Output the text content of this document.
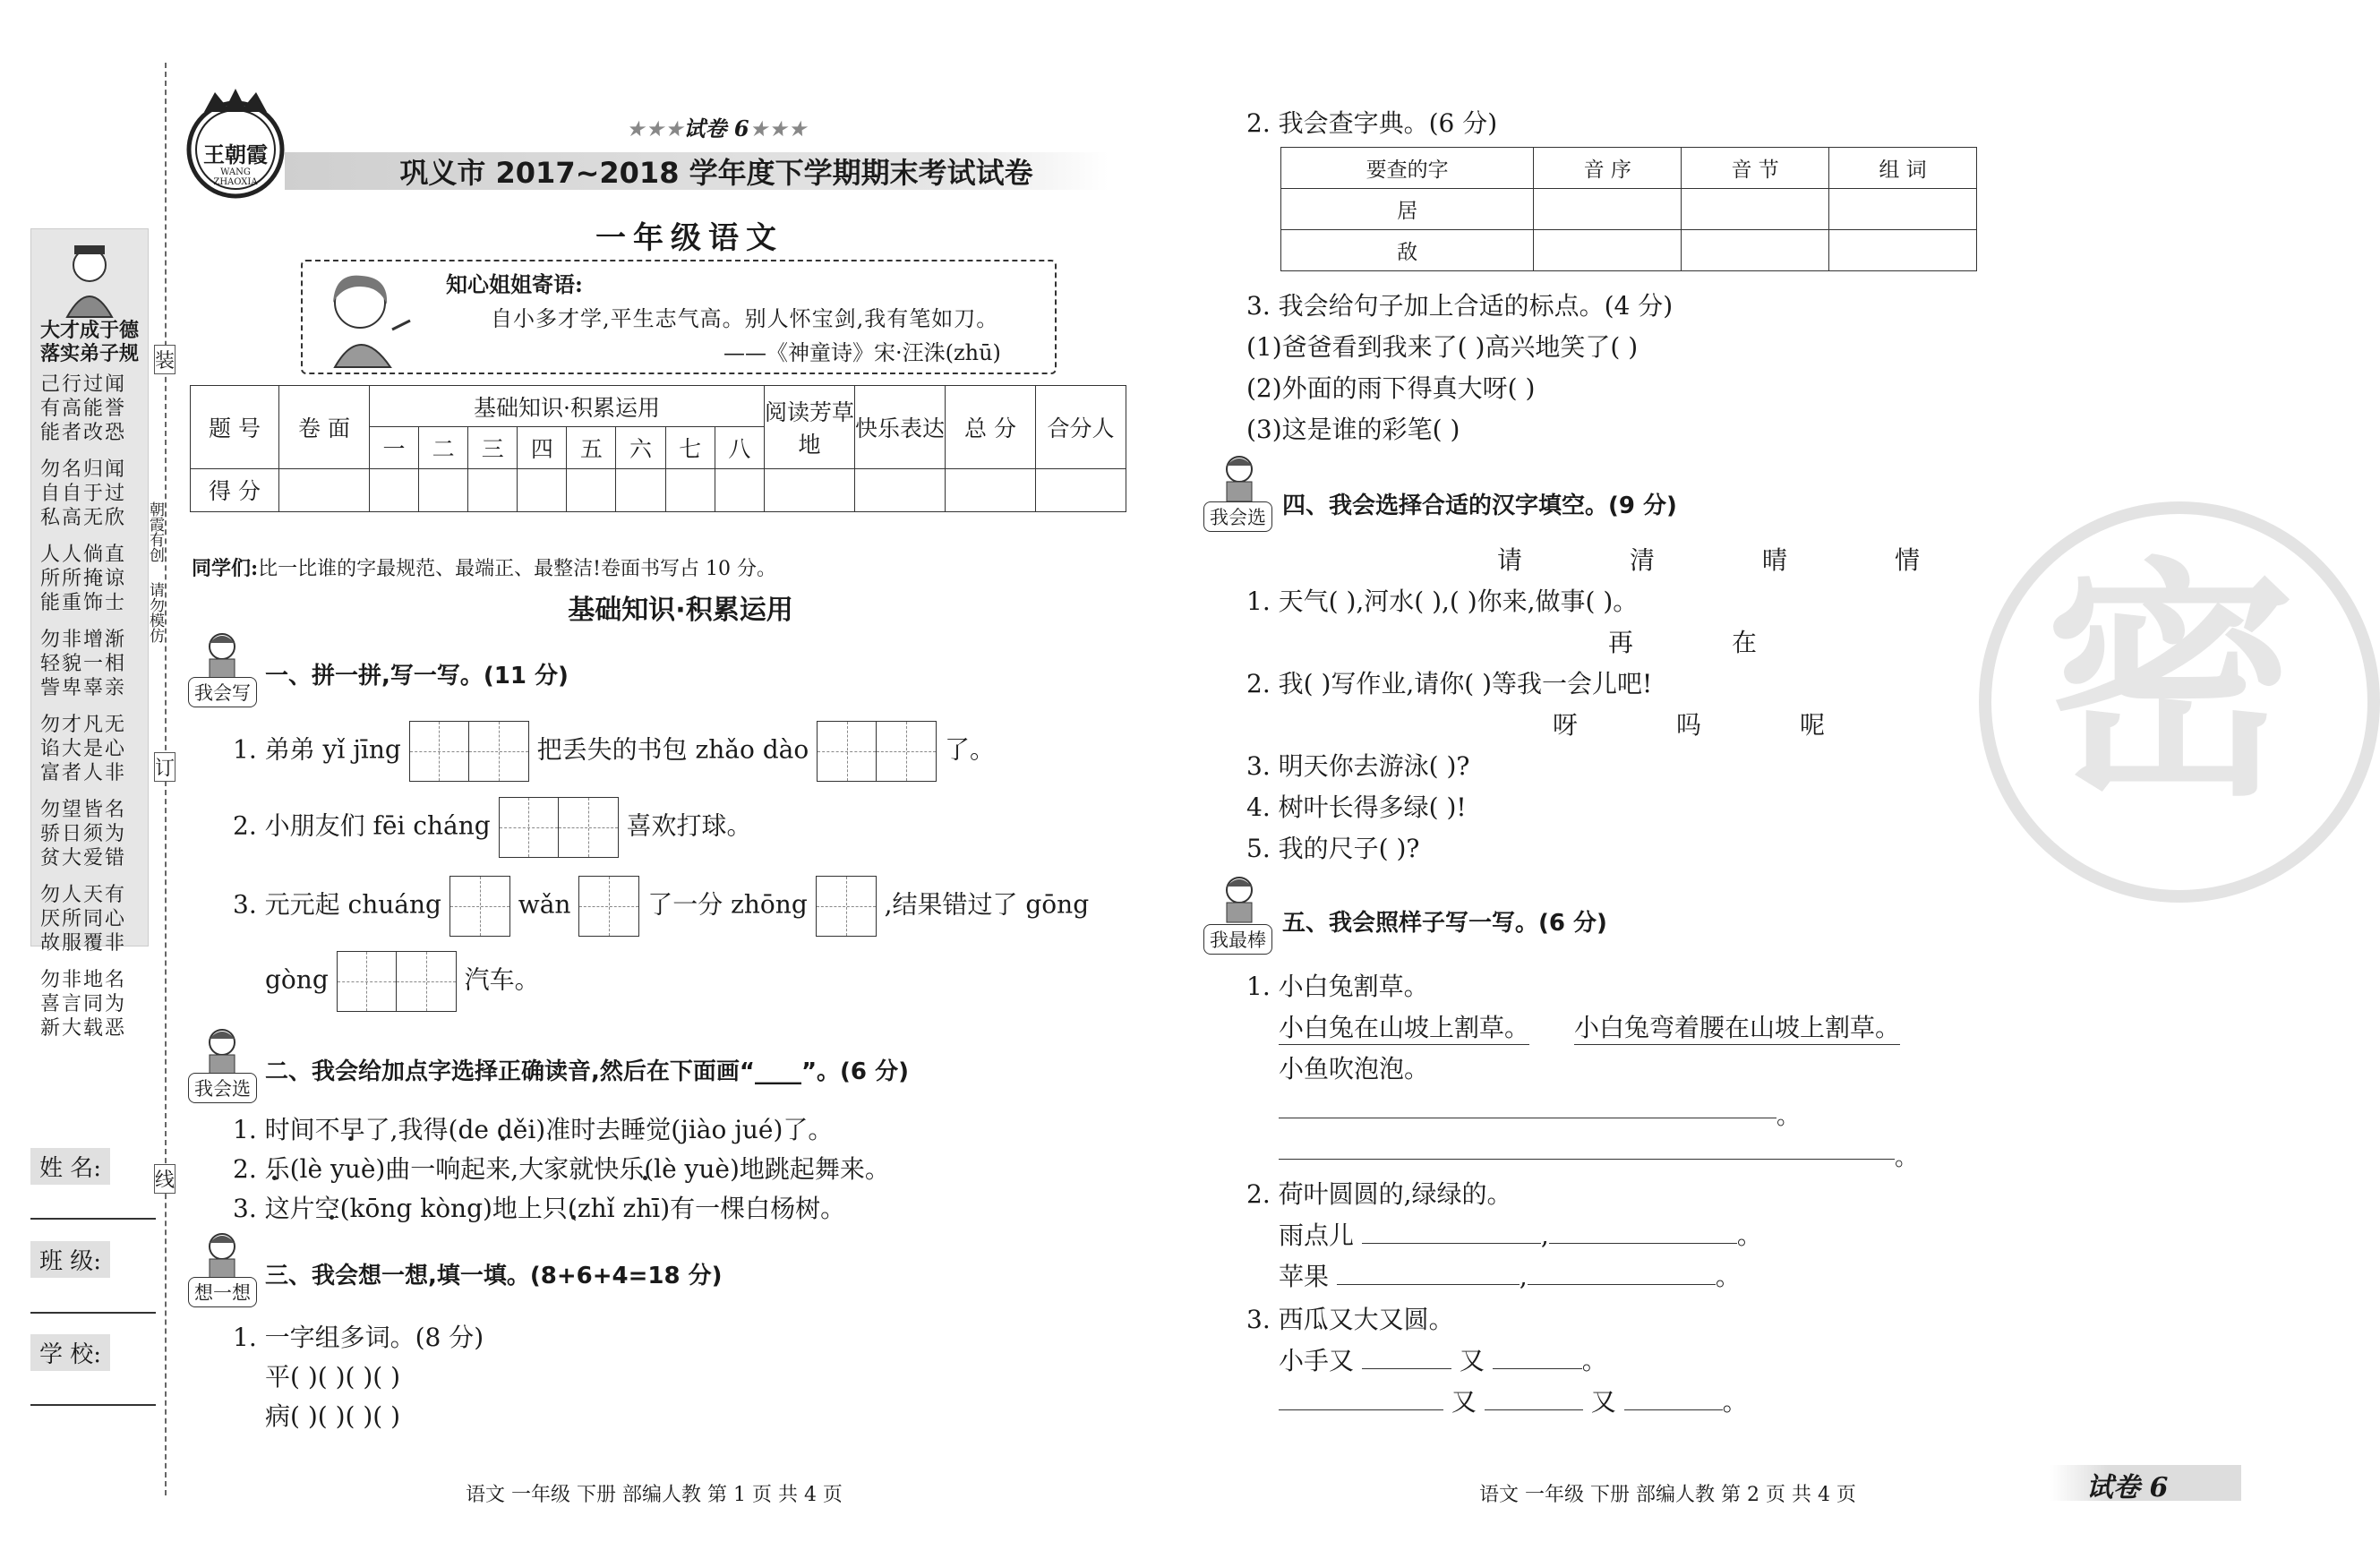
大才成于德 落实弟子规
己行过闻
有高能誉
能者改恐
勿名归闻
自自于过
私高无欣
人人倘直
所所掩谅
能重饰士
勿非增渐
轻貌一相
訾卑辜亲
勿才凡无
谄大是心
富者人非
勿望皆名
骄日须为
贫大爱错
勿人天有
厌所同心
故服覆非
勿非地名
喜言同为
新大载恶
装
订
线
朝霞有创
请勿模仿
姓 名:
班 级:
学 校:
王朝霞
WANG ZHAOXIA
★★★试卷 6★★★
巩义市 2017~2018 学年度下学期期末考试试卷
一年级语文
知心姐姐寄语:
自小多才学,平生志气高。别人怀宝剑,我有笔如刀。
——《神童诗》宋·汪洙(zhū)
题 号	卷 面	基础知识·积累运用								阅读芳草地	快乐表达	总 分	合分人
		一	二	三	四	五	六	七	八				
得 分													
同学们:比一比谁的字最规范、最端正、最整洁!卷面书写占 10 分。
基础知识·积累运用
我会写
一、拼一拼,写一写。(11 分)
1. 弟弟 yǐ jīng	把丢失的书包 zhǎo dào	了。
2. 小朋友们 fēi cháng	喜欢打球。
3. 元元起 chuáng	wǎn	了一分 zhōng	,结果错过了 gōng
gòng	汽车。
我会选
二、我会给加点字选择正确读音,然后在下面画“____”。(6 分)
1. 时间不早了,我得(de děi)准时去睡觉(jiào jué)了。
2. 乐(lè yuè)曲一响起来,大家就快乐(lè yuè)地跳起舞来。
3. 这片空(kōng kòng)地上只(zhǐ zhī)有一棵白杨树。
想一想
三、我会想一想,填一填。(8+6+4=18 分)
1. 一字组多词。(8 分)
平( )( )( )( )
病( )( )( )( )
语文 一年级 下册 部编人教 第 1 页 共 4 页
2. 我会查字典。(6 分)
要查的字	音 序	音 节	组 词
居			
敌			
3. 我会给句子加上合适的标点。(4 分)
(1)爸爸看到我来了( )高兴地笑了( )
(2)外面的雨下得真大呀( )
(3)这是谁的彩笔( )
我会选 四、我会选择合适的汉字填空。(9 分)
请	清	晴	情
1. 天气( ),河水( ),( )你来,做事( )。
再	在
2. 我( )写作业,请你( )等我一会儿吧!
呀	吗	呢
3. 明天你去游泳( )?
4. 树叶长得多绿( )!
5. 我的尺子( )?
我最棒
五、我会照样子写一写。(6 分)
1. 小白兔割草。
小白兔在山坡上割草。 小白兔弯着腰在山坡上割草。
小鱼吹泡泡。
。
。
2. 荷叶圆圆的,绿绿的。
雨点儿	,	。
苹果	,	。
3. 西瓜又大又圆。
小手又	又	。
又	又	。
语文 一年级 下册 部编人教 第 2 页 共 4 页	试卷 6
密
